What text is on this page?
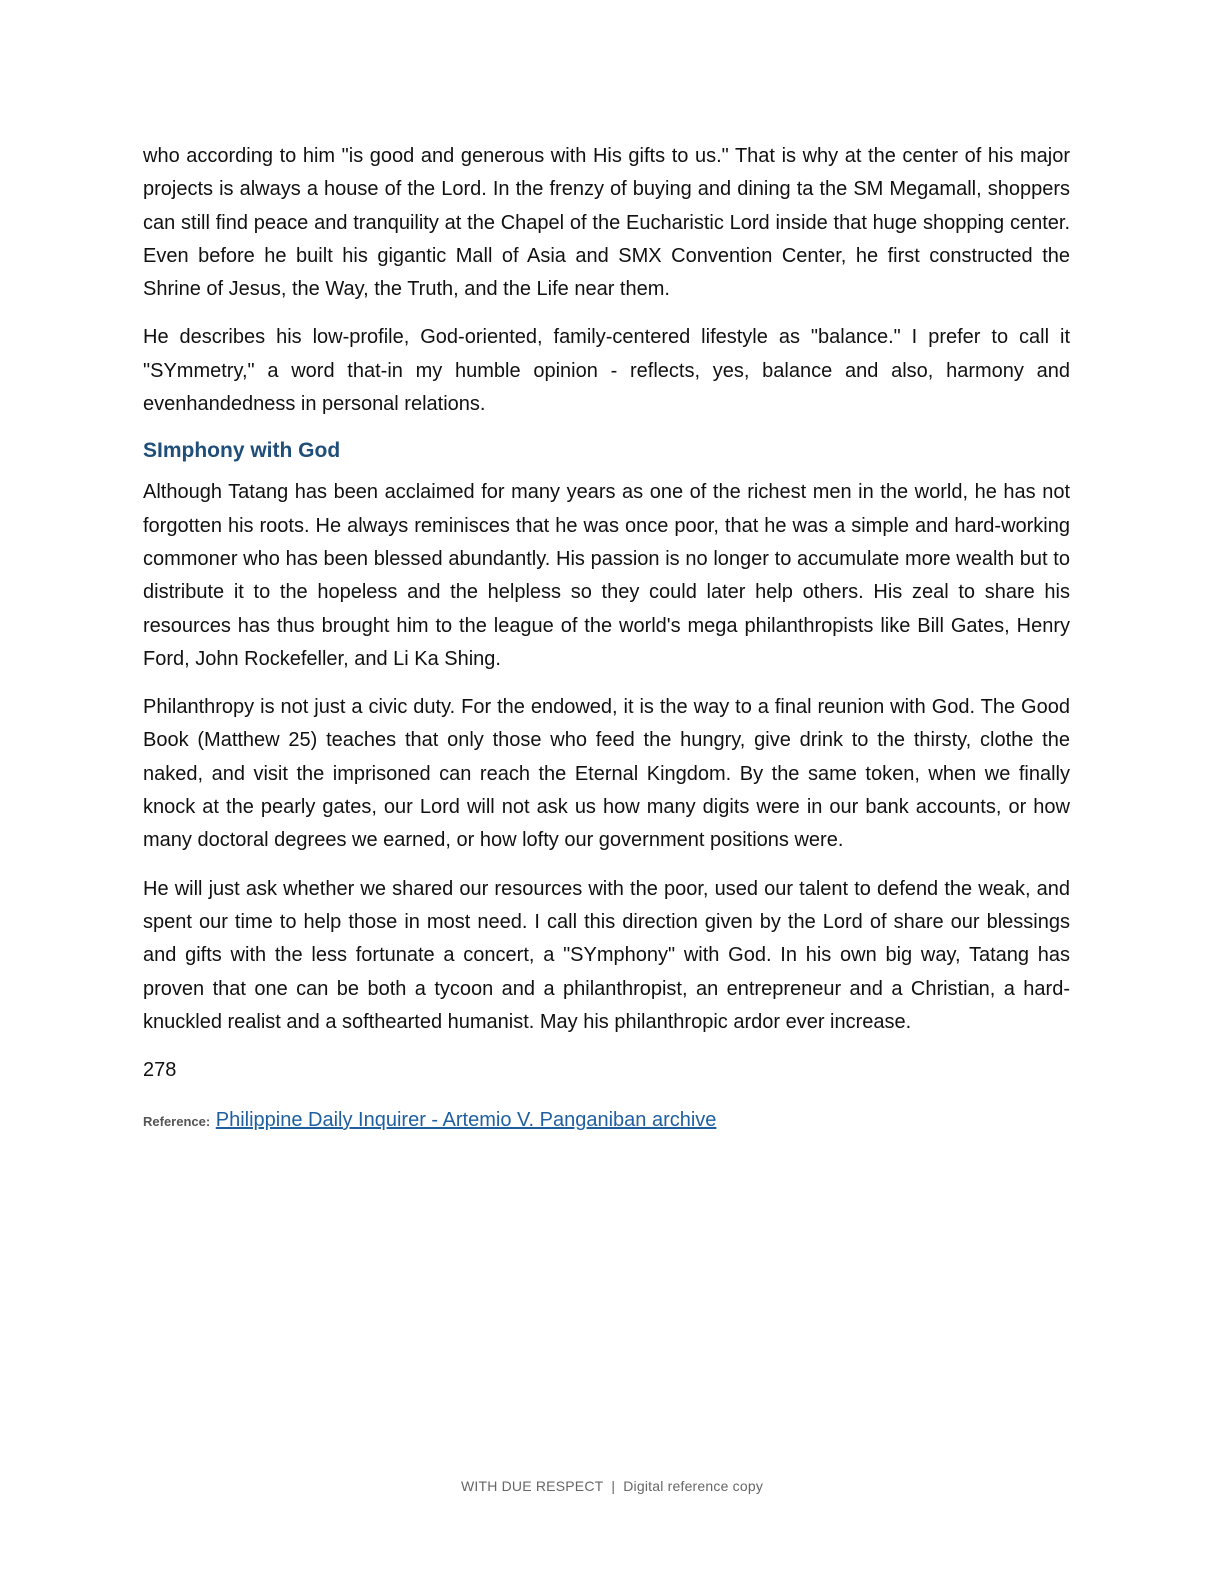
who according to him "is good and generous with His gifts to us." That is why at the center of his major projects is always a house of the Lord. In the frenzy of buying and dining ta the SM Megamall, shoppers can still find peace and tranquility at the Chapel of the Eucharistic Lord inside that huge shopping center. Even before he built his gigantic Mall of Asia and SMX Convention Center, he first constructed the Shrine of Jesus, the Way, the Truth, and the Life near them.

He describes his low-profile, God-oriented, family-centered lifestyle as "balance." I prefer to call it "SYmmetry," a word that-in my humble opinion - reflects, yes, balance and also, harmony and evenhandedness in personal relations.

SImphony with God

Although Tatang has been acclaimed for many years as one of the richest men in the world, he has not forgotten his roots. He always reminisces that he was once poor, that he was a simple and hard-working commoner who has been blessed abundantly. His passion is no longer to accumulate more wealth but to distribute it to the hopeless and the helpless so they could later help others. His zeal to share his resources has thus brought him to the league of the world's mega philanthropists like Bill Gates, Henry Ford, John Rockefeller, and Li Ka Shing.

Philanthropy is not just a civic duty. For the endowed, it is the way to a final reunion with God. The Good Book (Matthew 25) teaches that only those who feed the hungry, give drink to the thirsty, clothe the naked, and visit the imprisoned can reach the Eternal Kingdom. By the same token, when we finally knock at the pearly gates, our Lord will not ask us how many digits were in our bank accounts, or how many doctoral degrees we earned, or how lofty our government positions were.

He will just ask whether we shared our resources with the poor, used our talent to defend the weak, and spent our time to help those in most need. I call this direction given by the Lord of share our blessings and gifts with the less fortunate a concert, a "SYmphony" with God. In his own big way, Tatang has proven that one can be both a tycoon and a philanthropist, an entrepreneur and a Christian, a hard-knuckled realist and a softhearted humanist. May his philanthropic ardor ever increase.

278

Reference: Philippine Daily Inquirer - Artemio V. Panganiban archive

WITH DUE RESPECT | Digital reference copy
